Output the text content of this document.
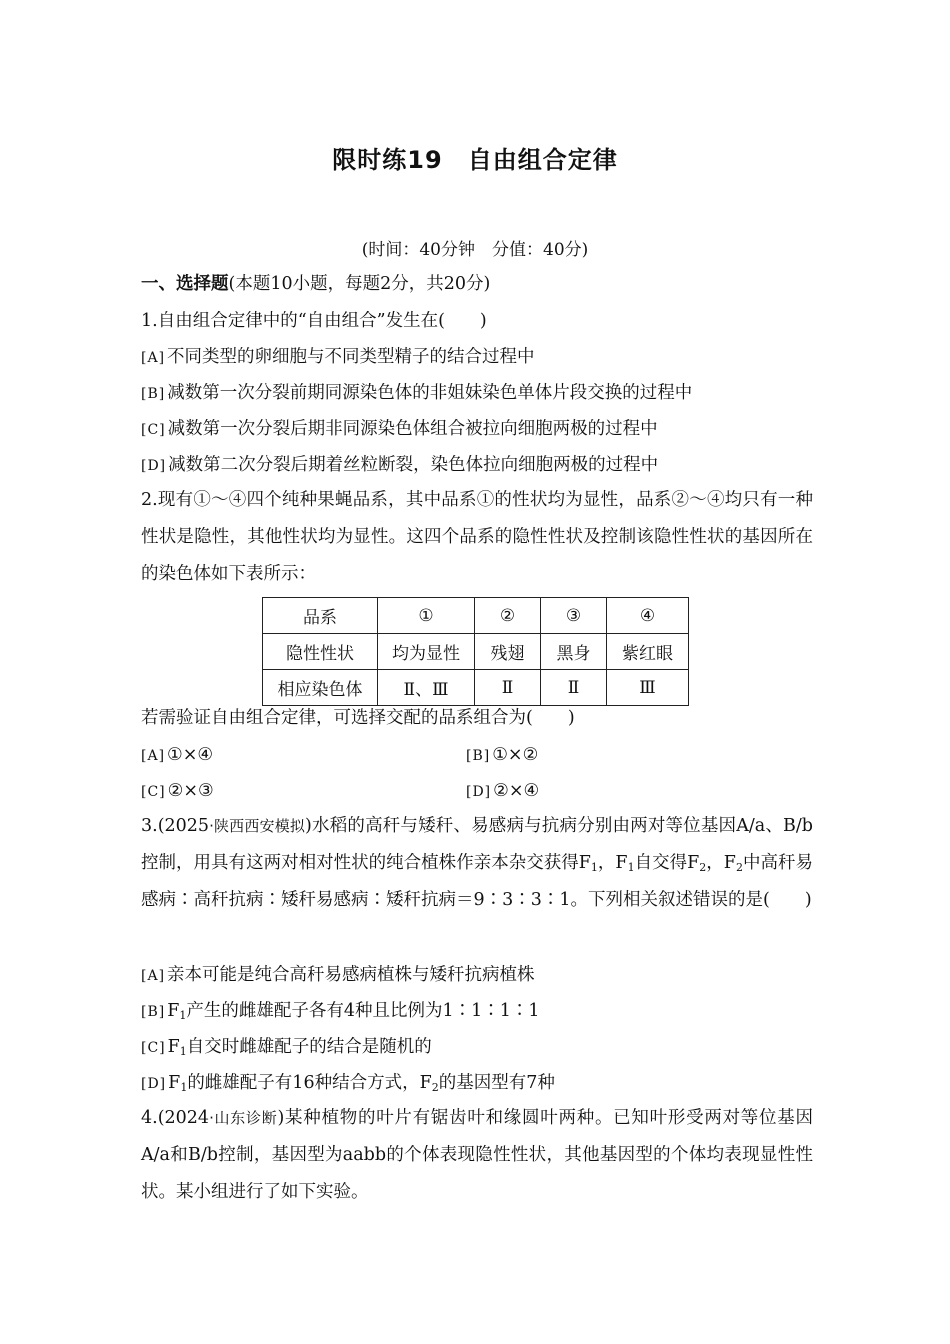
限时练19　自由组合定律
(时间：40分钟　分值：40分)
一、选择题(本题10小题，每题2分，共20分)
1.自由组合定律中的“自由组合”发生在(　　)
[A] 不同类型的卵细胞与不同类型精子的结合过程中
[B] 减数第一次分裂前期同源染色体的非姐妹染色单体片段交换的过程中
[C] 减数第一次分裂后期非同源染色体组合被拉向细胞两极的过程中
[D] 减数第二次分裂后期着丝粒断裂，染色体拉向细胞两极的过程中
2.现有①～④四个纯种果蝇品系，其中品系①的性状均为显性，品系②～④均只有一种性状是隐性，其他性状均为显性。这四个品系的隐性性状及控制该隐性性状的基因所在的染色体如下表所示：
品系	①	②	③	④
隐性性状	均为显性	残翅	黑身	紫红眼
相应染色体	Ⅱ、Ⅲ	Ⅱ	Ⅱ	Ⅲ
若需验证自由组合定律，可选择交配的品系组合为(　　)
[A] ①×④	[B] ①×②
[C] ②×③	[D] ②×④
3.(2025·陕西西安模拟)水稻的高秆与矮秆、易感病与抗病分别由两对等位基因A/a、B/b控制，用具有这两对相对性状的纯合植株作亲本杂交获得$F_1$，$F_1$自交得$F_2$，$F_2$中高秆易感病∶高秆抗病∶矮秆易感病∶矮秆抗病＝9∶3∶3∶1。下列相关叙述错误的是(　　)
[A] 亲本可能是纯合高秆易感病植株与矮秆抗病植株
[B] $F_1$产生的雌雄配子各有4种且比例为1∶1∶1∶1
[C] $F_1$自交时雌雄配子的结合是随机的
[D] $F_1$的雌雄配子有16种结合方式，$F_2$的基因型有7种
4.(2024·山东诊断)某种植物的叶片有锯齿叶和缘圆叶两种。已知叶形受两对等位基因A/a和B/b控制，基因型为aabb的个体表现隐性性状，其他基因型的个体均表现显性性状。某小组进行了如下实验。
